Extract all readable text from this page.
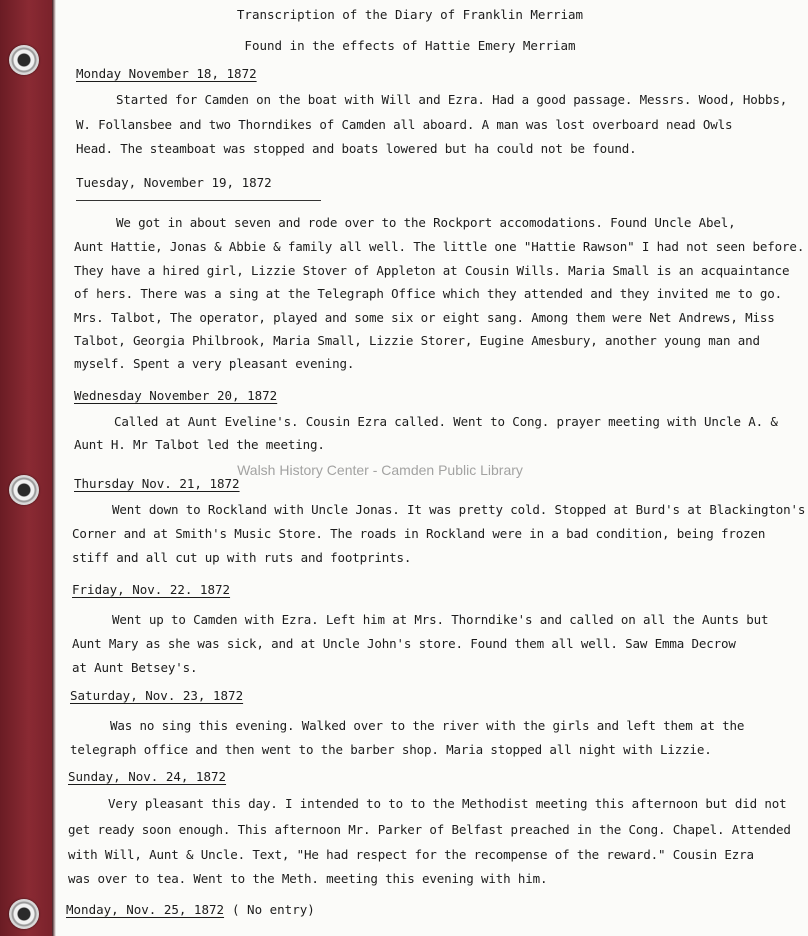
Transcription of the Diary of Franklin Merriam
Found in the effects of Hattie Emery Merriam
Monday November 18, 1872
Started for Camden on the boat with Will and Ezra. Had a good passage. Messrs. Wood, Hobbs,
W. Follansbee and two Thorndikes of Camden all aboard. A man was lost overboard nead Owls
Head. The steamboat was stopped and boats lowered but ha could not be found.
Tuesday, November 19, 1872
We got in about seven and rode over to the Rockport accomodations. Found Uncle Abel,
Aunt Hattie, Jonas & Abbie & family all well. The little one "Hattie Rawson" I had not seen before.
They have a hired girl, Lizzie Stover of Appleton at Cousin Wills. Maria Small is an acquaintance
of hers. There was a sing at the Telegraph Office which they attended and they invited me to go.
Mrs. Talbot, The operator, played and some six or eight sang. Among them were Net Andrews, Miss
Talbot, Georgia Philbrook, Maria Small, Lizzie Storer, Eugine Amesbury, another young man and
myself. Spent a very pleasant evening.
Wednesday November 20, 1872
Called at Aunt Eveline's. Cousin Ezra called. Went to Cong. prayer meeting with Uncle A. &
Aunt H. Mr Talbot led the meeting.
Thursday Nov. 21, 1872
Went down to Rockland with Uncle Jonas. It was pretty cold. Stopped at Burd's at Blackington's
Corner and at Smith's Music Store. The roads in Rockland were in a bad condition, being frozen
stiff and all cut up with ruts and footprints.
Friday, Nov. 22. 1872
Went up to Camden with Ezra. Left him at Mrs. Thorndike's and called on all the Aunts but
Aunt Mary as she was sick, and at Uncle John's store. Found them all well. Saw Emma Decrow
at Aunt Betsey's.
Saturday, Nov. 23, 1872
Was no sing this evening. Walked over to the river with the girls and left them at the
telegraph office and then went to the barber shop. Maria stopped all night with Lizzie.
Sunday, Nov. 24, 1872
Very pleasant this day. I intended to to to the Methodist meeting this afternoon but did not
get ready soon enough. This afternoon Mr. Parker of Belfast preached in the Cong. Chapel. Attended
with Will, Aunt & Uncle. Text, "He had respect for the recompense of the reward." Cousin Ezra
was over to tea. Went to the Meth. meeting this evening with him.
Monday, Nov. 25, 1872 ( No entry)
Walsh History Center - Camden Public Library
